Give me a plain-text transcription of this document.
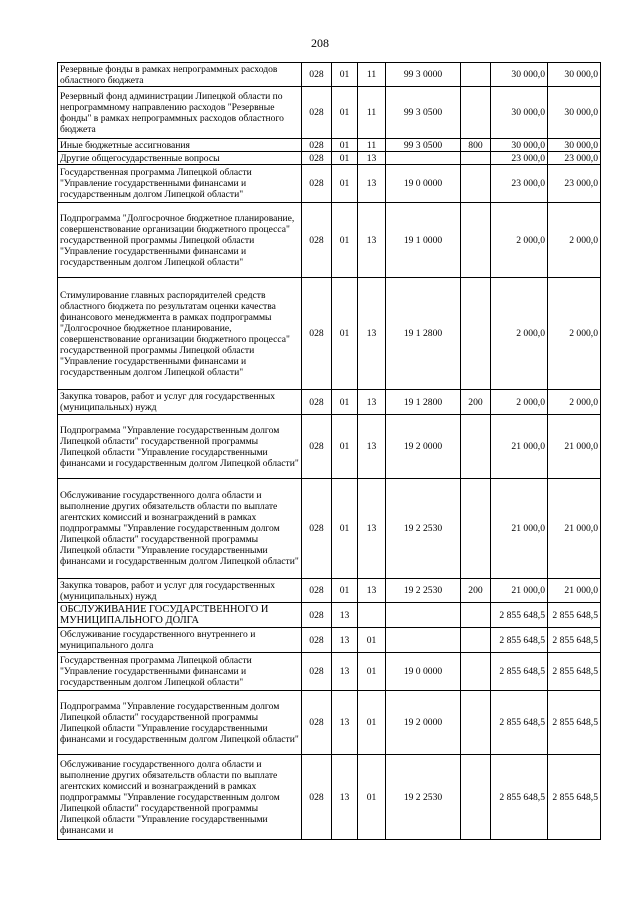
208
Резервные фонды в рамках непрограммных расходов областного бюджета	028	01	11	99 3 0000		30 000,0	30 000,0
Резервный фонд администрации Липецкой области по непрограммному направлению расходов "Резервные фонды" в рамках непрограммных расходов областного бюджета	028	01	11	99 3 0500		30 000,0	30 000,0
Иные бюджетные ассигнования	028	01	11	99 3 0500	800	30 000,0	30 000,0
Другие общегосударственные вопросы	028	01	13			23 000,0	23 000,0
Государственная программа Липецкой области "Управление государственными финансами и государственным долгом Липецкой области"	028	01	13	19 0 0000		23 000,0	23 000,0
Подпрограмма "Долгосрочное бюджетное планирование, совершенствование организации бюджетного процесса" государственной программы Липецкой области "Управление государственными финансами и государственным долгом Липецкой области"	028	01	13	19 1 0000		2 000,0	2 000,0
Стимулирование главных распорядителей средств областного бюджета по результатам оценки качества финансового менеджмента в рамках подпрограммы "Долгосрочное бюджетное планирование, совершенствование организации бюджетного процесса" государственной программы Липецкой области "Управление государственными финансами и государственным долгом Липецкой области"	028	01	13	19 1 2800		2 000,0	2 000,0
Закупка товаров, работ и услуг для государственных (муниципальных) нужд	028	01	13	19 1 2800	200	2 000,0	2 000,0
Подпрограмма "Управление государственным долгом Липецкой области" государственной программы Липецкой области "Управление государственными финансами и государственным долгом Липецкой области"	028	01	13	19 2 0000		21 000,0	21 000,0
Обслуживание государственного долга области и выполнение других обязательств области по выплате агентских комиссий и вознаграждений в рамках подпрограммы "Управление государственным долгом Липецкой области" государственной программы Липецкой области "Управление государственными финансами и государственным долгом Липецкой области"	028	01	13	19 2 2530		21 000,0	21 000,0
Закупка товаров, работ и услуг для государственных (муниципальных) нужд	028	01	13	19 2 2530	200	21 000,0	21 000,0
ОБСЛУЖИВАНИЕ ГОСУДАРСТВЕННОГО И МУНИЦИПАЛЬНОГО ДОЛГА	028	13				2 855 648,5	2 855 648,5
Обслуживание государственного внутреннего и муниципального долга	028	13	01			2 855 648,5	2 855 648,5
Государственная программа Липецкой области "Управление государственными финансами и государственным долгом Липецкой области"	028	13	01	19 0 0000		2 855 648,5	2 855 648,5
Подпрограмма "Управление государственным долгом Липецкой области" государственной программы Липецкой области "Управление государственными финансами и государственным долгом Липецкой области"	028	13	01	19 2 0000		2 855 648,5	2 855 648,5
Обслуживание государственного долга области и выполнение других обязательств области по выплате агентских комиссий и вознаграждений в рамках подпрограммы "Управление государственным долгом Липецкой области" государственной программы Липецкой области "Управление государственными финансами и	028	13	01	19 2 2530		2 855 648,5	2 855 648,5
